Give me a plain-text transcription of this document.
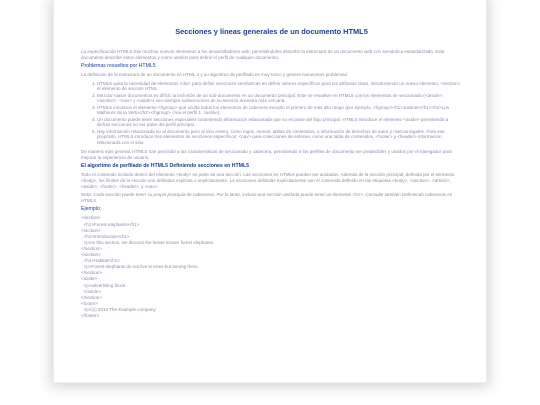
Secciones y líneas generales de un documento HTML5

La especificación HTML5 trae muchos nuevos elementos a los desarrolladores web, permitiéndoles describir la estructura de un documento web con semántica estandarizada. Este documento describe estos elementos y cómo usarlos para definir el perfil de cualquier documento.

Problemas resueltos por HTML5

La definición de la estructura de un documento en HTML 4 y su algoritmo de perfilado es muy tosco y genera numerosos problemas:

1. HTML5 quita la necesidad de elementos <div> para definir secciones semánticas en definir valores específicos para los atributos class, introduciendo un nuevo elemento, <section>, el elemento de sección HTML.
2. Mezclar varios documentos es difícil: la inclusión de un sub-documento en un documento principal. Este se resuelve en HTML5 con los elementos de seccionado (<article>, <section>, <nav> y <aside>) son siempre subsecciones de su sección ancestra más cercana.
3. HTML5 introduce el elemento <hgroup> que oculta todos los elementos de cabecera excepto el primero de más alto rango (por ejemplo, <hgroup><h1>Justinen</h1><h2>Los Malheurs de la Vertu</h2></hgroup> crea el perfil 1. Justine).
4. Un documento puede tener secciones especiales conteniendo información relacionada que no es parte del flujo principal. HTML5 introduce el elemento <aside> permitiendo a dichas secciones no ser parte del perfil principal.
5. Hay información relacionada no al documento pero al sitio entero, como logos, menús, tablas de contenidos, o información de derechos de autor y marcas legales. Para ese propósito, HTML5 introduce tres elementos de secciones específicos: <nav> para colecciones de enlaces, como una tabla de contenidos, <footer> y <header> información relacionada con el sitio.

De manera más general, HTML5 trae precisión a las características de seccionado y cabecera, permitiendo a los perfiles de documento ser predecibles y usados por el navegador para mejorar la experiencia de usuario.

El algoritmo de perfilado de HTML5 Definiendo secciones en HTML5

Todo el contenido incluido dentro del elemento <body> es parte de una sección. Las secciones en HTML5 pueden ser anidadas. Además de la sección principal, definida por el elemento <body>, los límites de la sección son definidos explícita o implícitamente. La secciones definidas explícitamente son el contenido definido en las etiquetas <body>, <section>, <article>, <aside>, <footer>, <header>, y <nav>.

Nota: Cada sección puede tener su propia jerarquía de cabeceras. Por lo tanto, incluso una sección anidada puede tener un elemento <h1>. Consulte también Definiendo cabeceras en HTML5.

Ejemplo:
<section>
<h1>Forest elephants</h1>
<section>
<h1>Introduction</h1>
<p>In this section, we discuss the lesser known forest elephants.
</section>
<section>
<h1>Habitat</h1>
<p>Forest elephants do not live in trees but among them.
</section>
<aside>
<p>advertising block
</aside>
</section>
<footer>
<p>(c) 2010 The Example company
</footer>
